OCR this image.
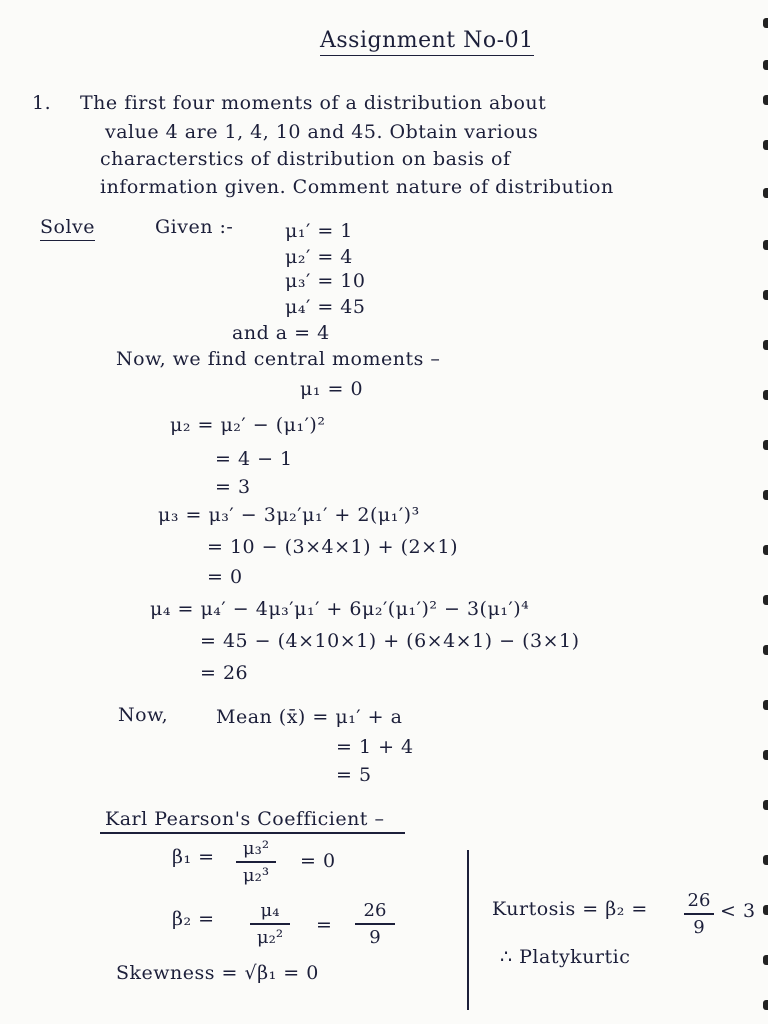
Assignment No-01
1. The first four moments of a distribution about
value 4 are 1, 4, 10 and 45. Obtain various
characterstics of distribution on basis of
information given. Comment nature of distribution
Solve	Given :-	μ₁′ = 1
μ₂′ = 4
μ₃′ = 10
μ₄′ = 45
and a = 4
Now, we find central moments –
μ₁ = 0
μ₂ = μ₂′ − (μ₁′)²
= 4 − 1
= 3
μ₃ = μ₃′ − 3μ₂′μ₁′ + 2(μ₁′)³
= 10 − (3×4×1) + (2×1)
= 0
μ₄ = μ₄′ − 4μ₃′μ₁′ + 6μ₂′(μ₁′)² − 3(μ₁′)⁴
= 45 − (4×10×1) + (6×4×1) − (3×1)
= 26
Now,	Mean (x̄) = μ₁′ + a
= 1 + 4
= 5
Karl Pearson's Coefficient –
β₁ =	μ₃²
μ₂³
= 0
β₂ =	μ₄
μ₂²
=
26
9
Skewness = √β₁ = 0
Kurtosis = β₂ = 26
9
< 3
∴ Platykurtic
